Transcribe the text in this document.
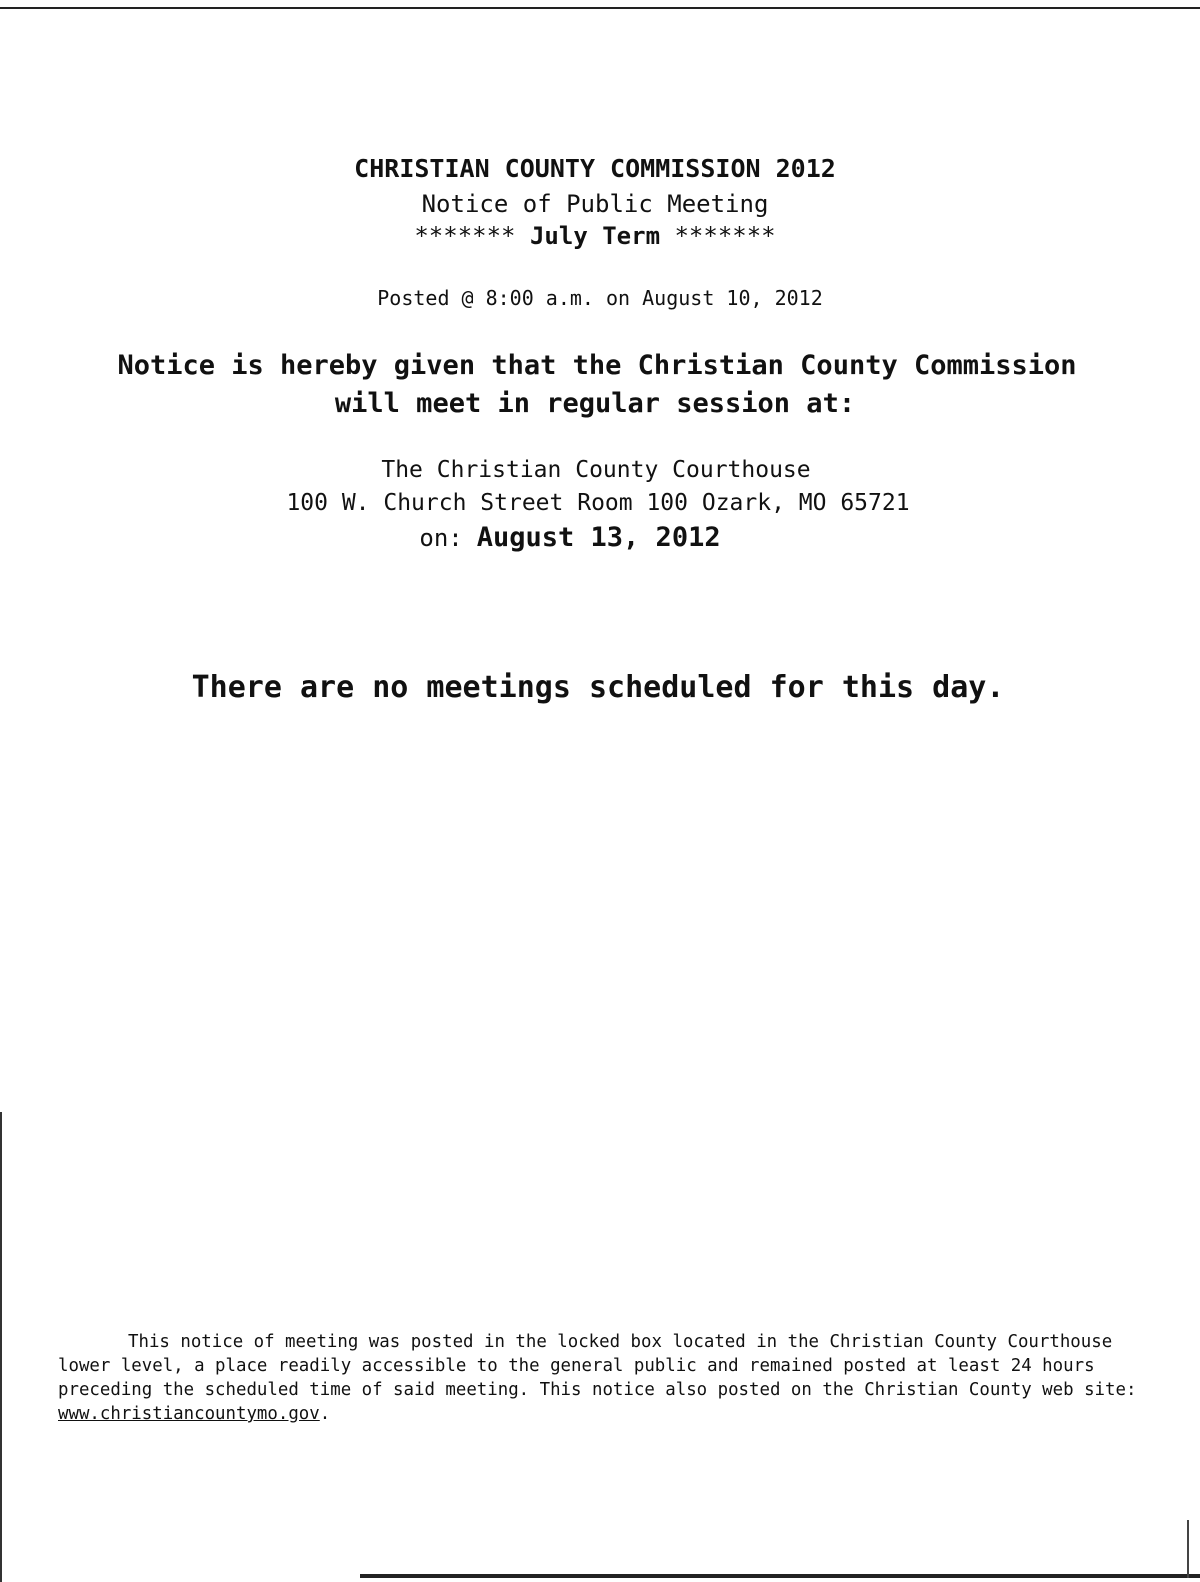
CHRISTIAN COUNTY COMMISSION 2012

Notice of Public Meeting

******* July Term *******

Posted @ 8:00 a.m. on August 10, 2012

Notice is hereby given that the Christian County Commission

will meet in regular session at:

The Christian County Courthouse

100 W. Church Street Room 100 Ozark, MO 65721

on: August 13, 2012

There are no meetings scheduled for this day.

This notice of meeting was posted in the locked box located in the Christian County Courthouse lower level, a place readily accessible to the general public and remained posted at least 24 hours preceding the scheduled time of said meeting. This notice also posted on the Christian County web site: www.christiancountymo.gov.
